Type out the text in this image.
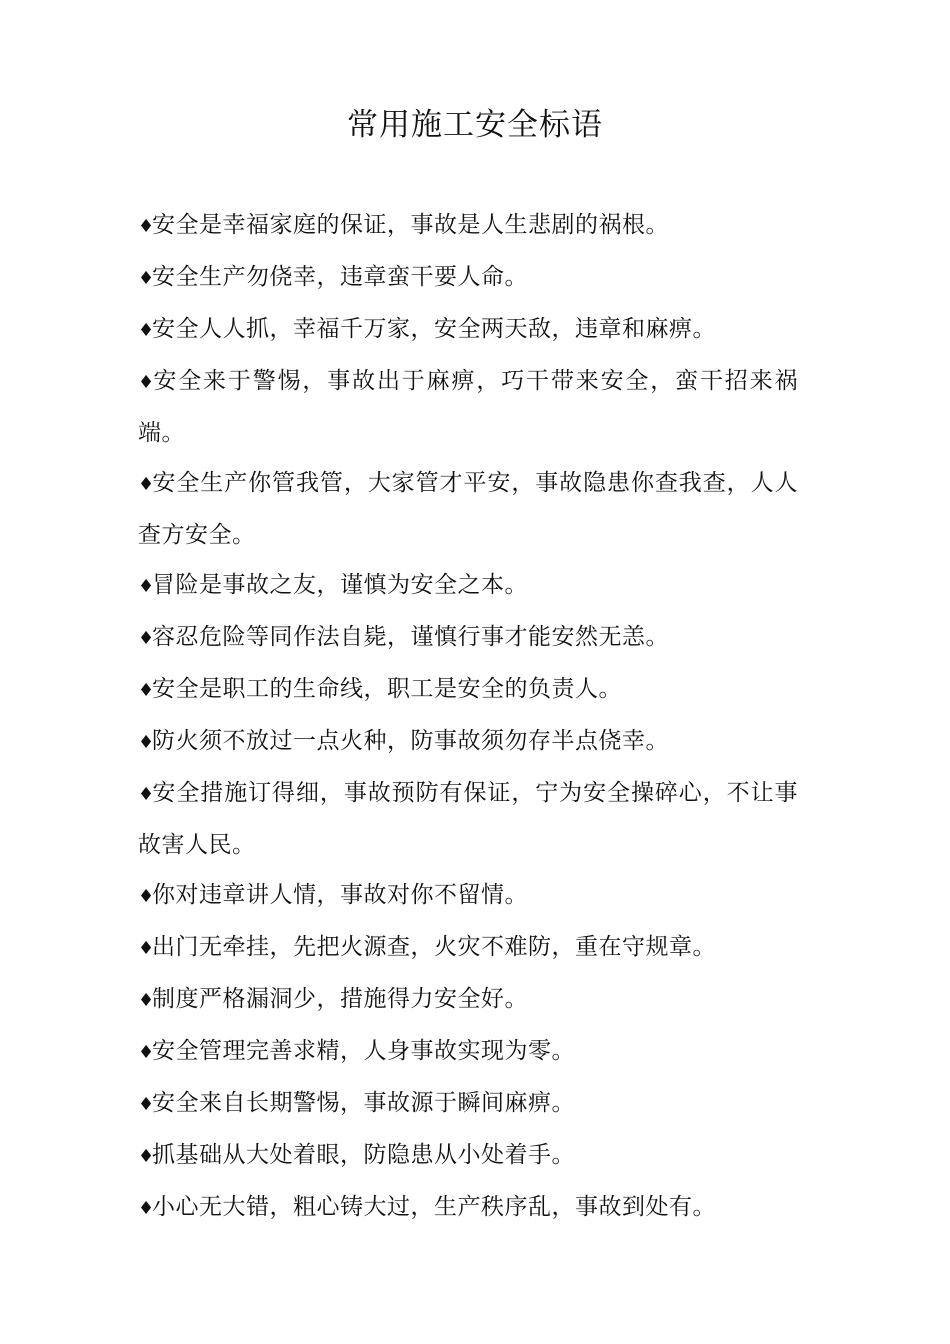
常用施工安全标语
♦安全是幸福家庭的保证，事故是人生悲剧的祸根。
♦安全生产勿侥幸，违章蛮干要人命。
♦安全人人抓，幸福千万家，安全两天敌，违章和麻痹。
♦安全来于警惕，事故出于麻痹，巧干带来安全，蛮干招来祸端。
♦安全生产你管我管，大家管才平安，事故隐患你查我查，人人查方安全。
♦冒险是事故之友，谨慎为安全之本。
♦容忍危险等同作法自毙，谨慎行事才能安然无恙。
♦安全是职工的生命线，职工是安全的负责人。
♦防火须不放过一点火种，防事故须勿存半点侥幸。
♦安全措施订得细，事故预防有保证，宁为安全操碎心，不让事故害人民。
♦你对违章讲人情，事故对你不留情。
♦出门无牵挂，先把火源查，火灾不难防，重在守规章。
♦制度严格漏洞少，措施得力安全好。
♦安全管理完善求精，人身事故实现为零。
♦安全来自长期警惕，事故源于瞬间麻痹。
♦抓基础从大处着眼，防隐患从小处着手。
♦小心无大错，粗心铸大过，生产秩序乱，事故到处有。
